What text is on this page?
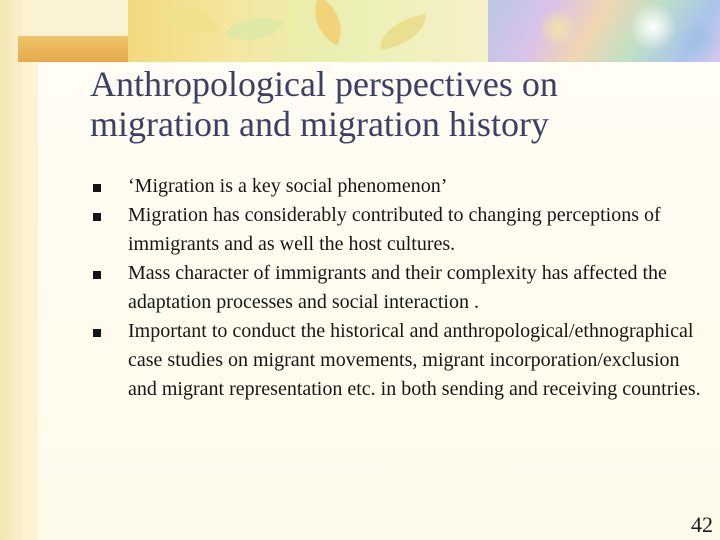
Anthropological perspectives on migration and migration history
‘Migration is a key social phenomenon’
Migration has considerably contributed to changing perceptions of immigrants and as well the host cultures.
Mass character of immigrants and their complexity has affected the adaptation processes and social interaction .
Important to conduct the historical and anthropological/ethnographical case studies on migrant movements, migrant incorporation/exclusion and migrant representation etc. in both sending and receiving countries.
42
